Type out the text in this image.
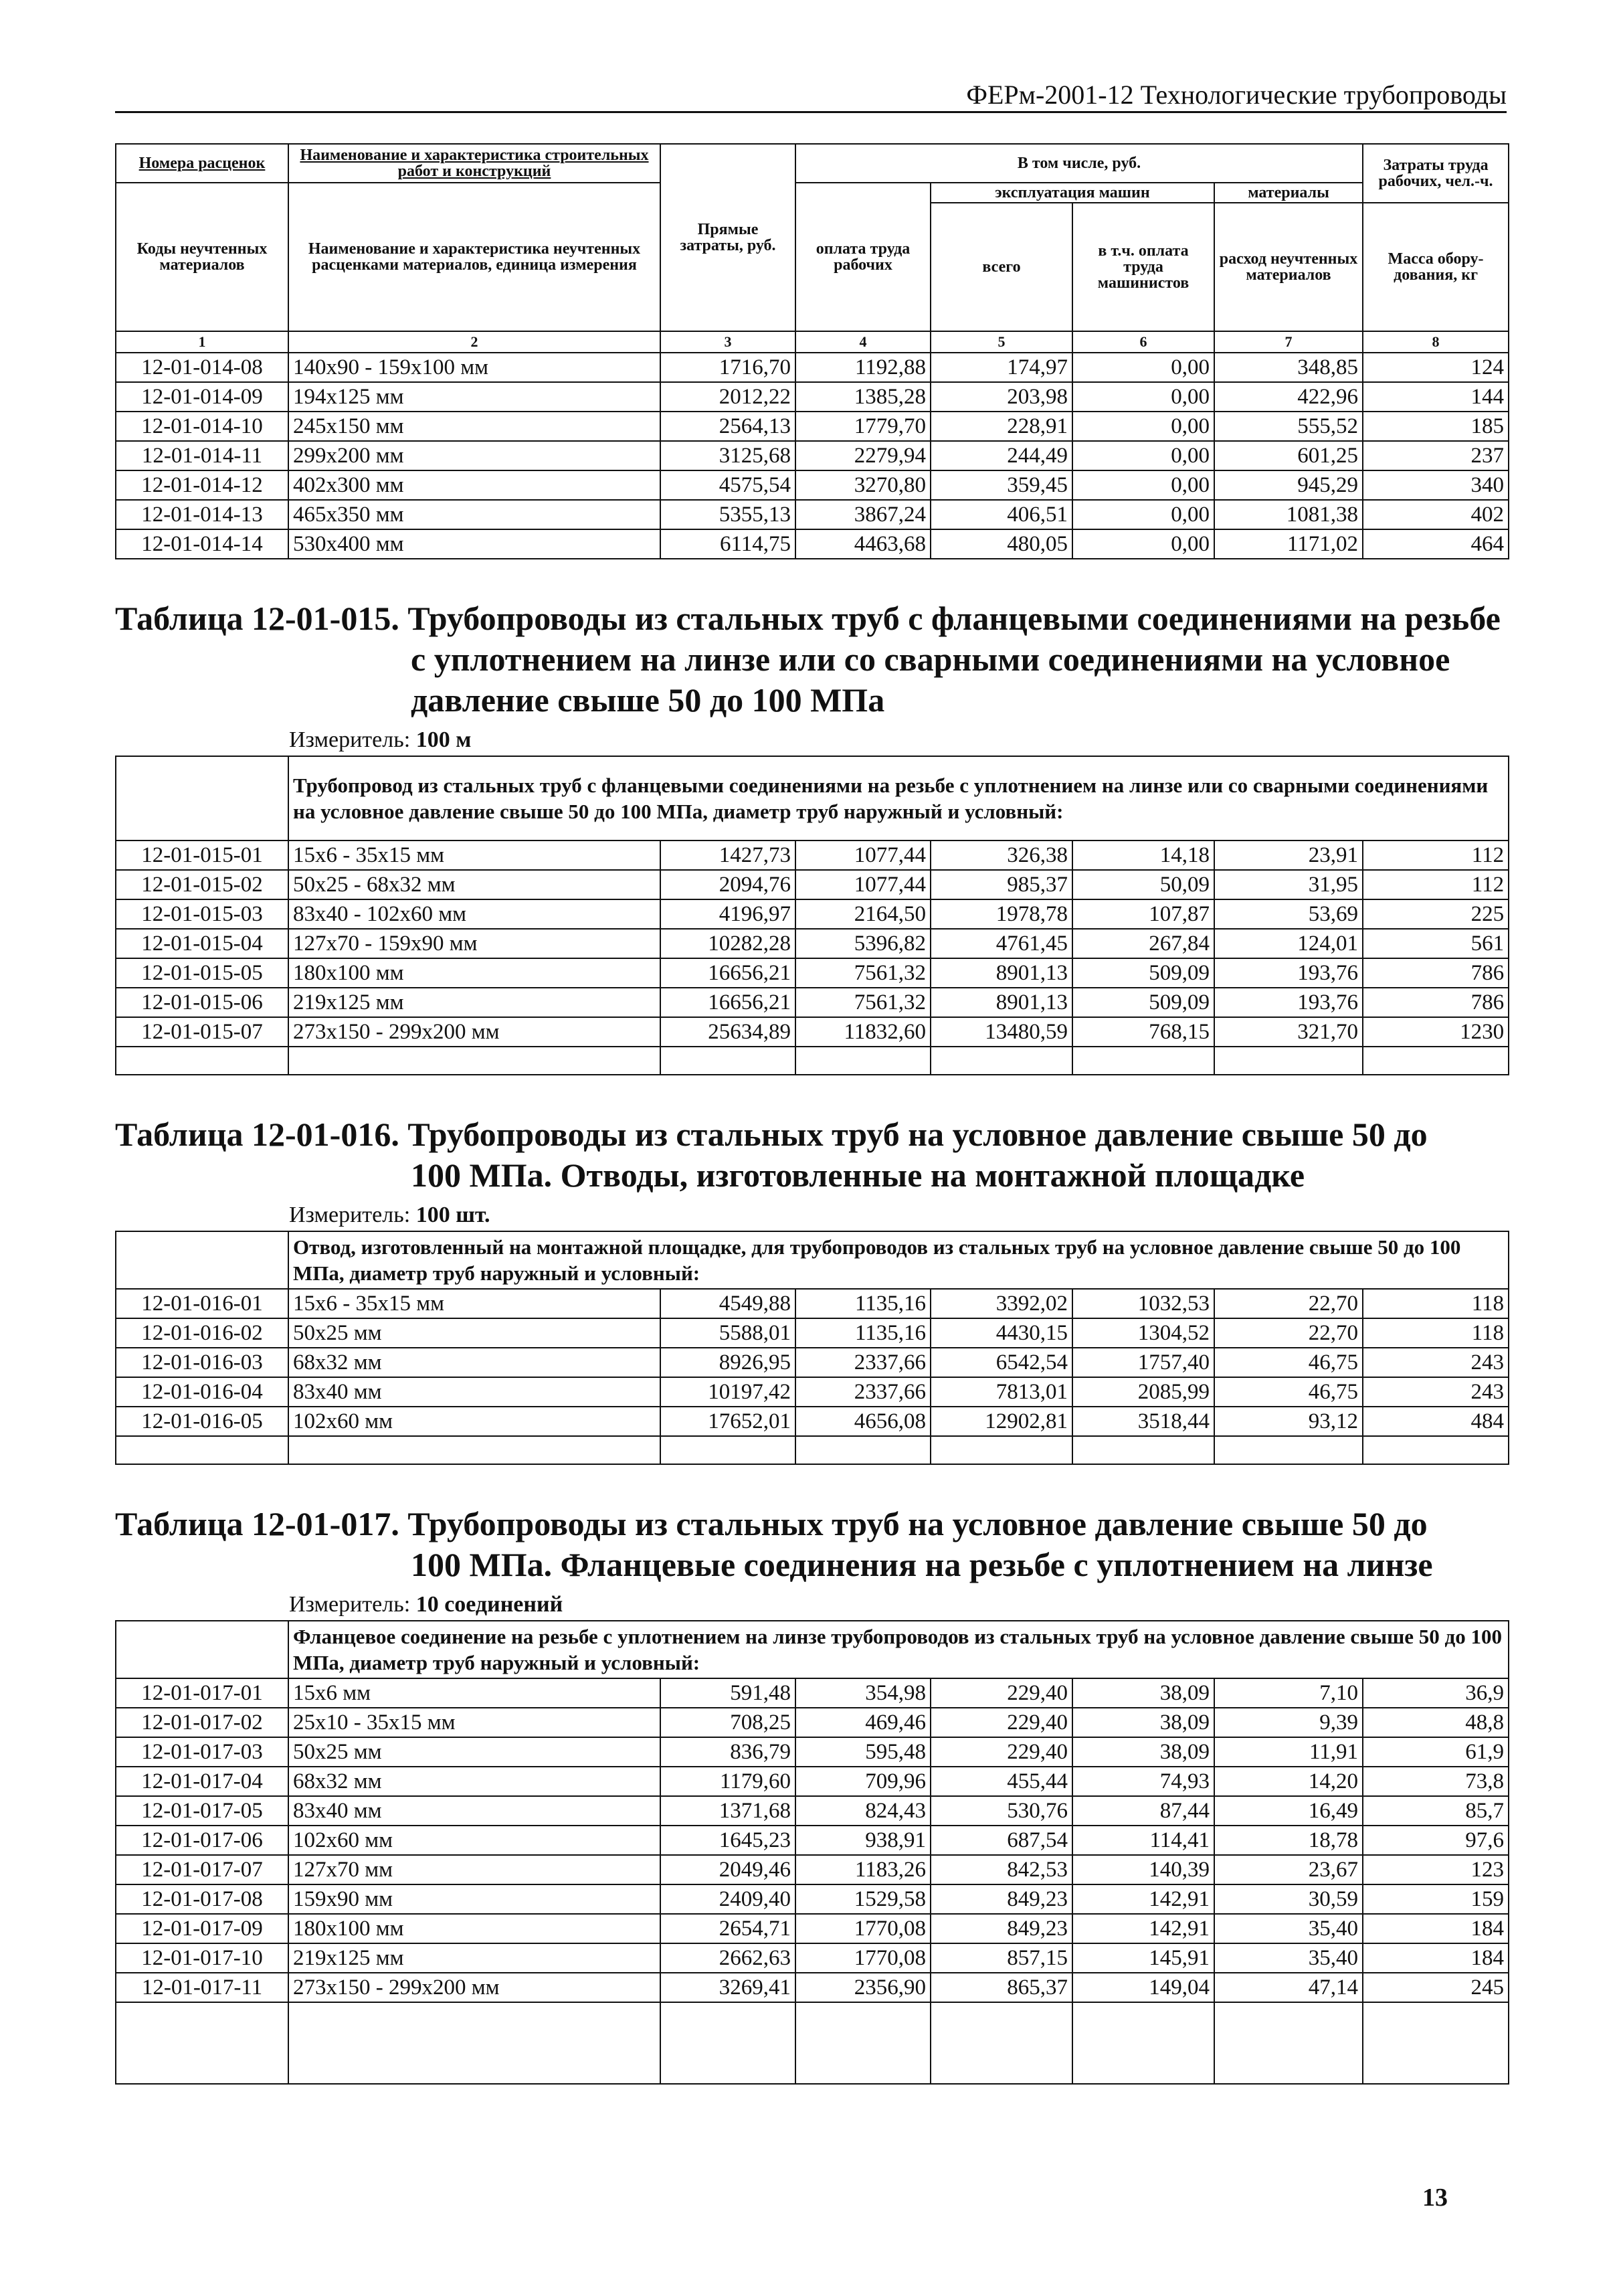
ФЕРм-2001-12 Технологические трубопроводы
Номера расценок	Наименование и характеристика строительных работ и конструкций	Прямые затраты, руб.	В том числе, руб.				Затраты труда рабочих, чел.-ч.
Коды неучтенных материалов	Наименование и характеристика неучтенных расценками материалов, единица измерения		оплата труда рабочих	эксплуатация машин		материалы	
				всего	в т.ч. оплата труда машинистов	расход неучтенных материалов	Масса обору-дования, кг
1	2	3	4	5	6	7	8
12-01-014-08	140х90 - 159х100 мм	1716,70	1192,88	174,97	0,00	348,85	124
12-01-014-09	194х125 мм	2012,22	1385,28	203,98	0,00	422,96	144
12-01-014-10	245х150 мм	2564,13	1779,70	228,91	0,00	555,52	185
12-01-014-11	299х200 мм	3125,68	2279,94	244,49	0,00	601,25	237
12-01-014-12	402х300 мм	4575,54	3270,80	359,45	0,00	945,29	340
12-01-014-13	465х350 мм	5355,13	3867,24	406,51	0,00	1081,38	402
12-01-014-14	530х400 мм	6114,75	4463,68	480,05	0,00	1171,02	464
Таблица 12-01-015. Трубопроводы из стальных труб с фланцевыми соединениями на резьбе
с уплотнением на линзе или со сварными соединениями на условное
давление свыше 50 до 100 МПа
Измеритель: 100 м
	Трубопровод из стальных труб с фланцевыми соединениями на резьбе с уплотнением на линзе или со сварными соединениями на условное давление свыше 50 до 100 МПа, диаметр труб наружный и условный:						
12-01-015-01	15х6 - 35х15 мм	1427,73	1077,44	326,38	14,18	23,91	112
12-01-015-02	50х25 - 68х32 мм	2094,76	1077,44	985,37	50,09	31,95	112
12-01-015-03	83х40 - 102х60 мм	4196,97	2164,50	1978,78	107,87	53,69	225
12-01-015-04	127х70 - 159х90 мм	10282,28	5396,82	4761,45	267,84	124,01	561
12-01-015-05	180х100 мм	16656,21	7561,32	8901,13	509,09	193,76	786
12-01-015-06	219х125 мм	16656,21	7561,32	8901,13	509,09	193,76	786
12-01-015-07	273х150 - 299х200 мм	25634,89	11832,60	13480,59	768,15	321,70	1230

Таблица 12-01-016. Трубопроводы из стальных труб на условное давление свыше 50 до
100 МПа. Отводы, изготовленные на монтажной площадке
Измеритель: 100 шт.
	Отвод, изготовленный на монтажной площадке, для трубопроводов из стальных труб на условное давление свыше 50 до 100 МПа, диаметр труб наружный и условный:						
12-01-016-01	15х6 - 35х15 мм	4549,88	1135,16	3392,02	1032,53	22,70	118
12-01-016-02	50х25 мм	5588,01	1135,16	4430,15	1304,52	22,70	118
12-01-016-03	68х32 мм	8926,95	2337,66	6542,54	1757,40	46,75	243
12-01-016-04	83х40 мм	10197,42	2337,66	7813,01	2085,99	46,75	243
12-01-016-05	102х60 мм	17652,01	4656,08	12902,81	3518,44	93,12	484

Таблица 12-01-017. Трубопроводы из стальных труб на условное давление свыше 50 до
100 МПа. Фланцевые соединения на резьбе с уплотнением на линзе
Измеритель: 10 соединений
	Фланцевое соединение на резьбе с уплотнением на линзе трубопроводов из стальных труб на условное давление свыше 50 до 100 МПа, диаметр труб наружный и условный:						
12-01-017-01	15х6 мм	591,48	354,98	229,40	38,09	7,10	36,9
12-01-017-02	25х10 - 35х15 мм	708,25	469,46	229,40	38,09	9,39	48,8
12-01-017-03	50х25 мм	836,79	595,48	229,40	38,09	11,91	61,9
12-01-017-04	68х32 мм	1179,60	709,96	455,44	74,93	14,20	73,8
12-01-017-05	83х40 мм	1371,68	824,43	530,76	87,44	16,49	85,7
12-01-017-06	102х60 мм	1645,23	938,91	687,54	114,41	18,78	97,6
12-01-017-07	127х70 мм	2049,46	1183,26	842,53	140,39	23,67	123
12-01-017-08	159х90 мм	2409,40	1529,58	849,23	142,91	30,59	159
12-01-017-09	180х100 мм	2654,71	1770,08	849,23	142,91	35,40	184
12-01-017-10	219х125 мм	2662,63	1770,08	857,15	145,91	35,40	184
12-01-017-11	273х150 - 299х200 мм	3269,41	2356,90	865,37	149,04	47,14	245

13
